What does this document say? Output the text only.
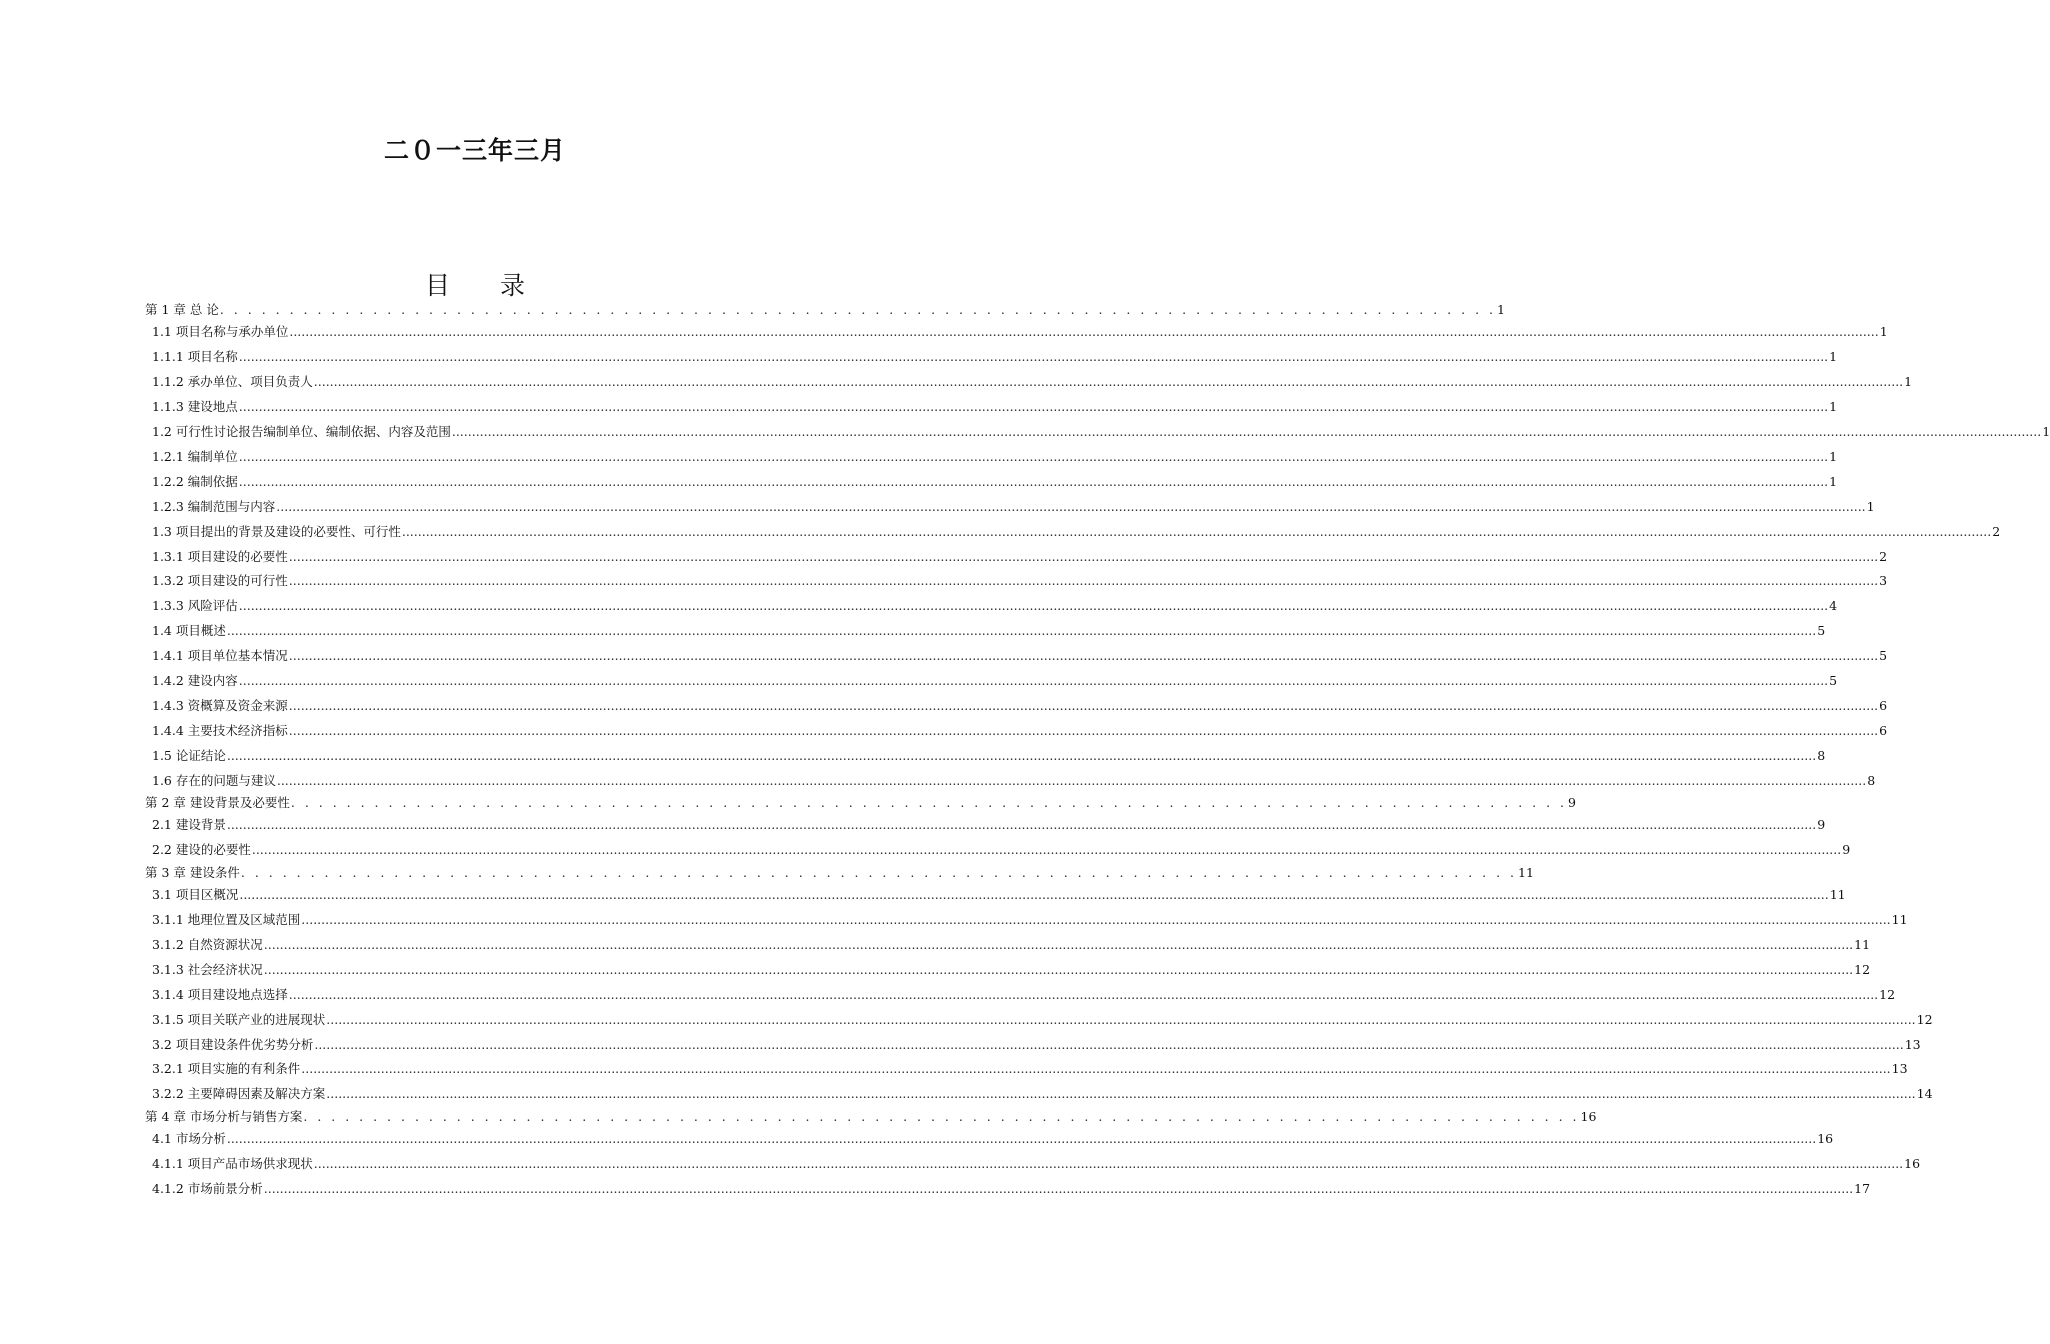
二０一三年三月
目 录
第 1 章 总 论 . . . . . . . . . . . . . . . . . . . . . . . . . . . . . . . . . . . . . . . . . . . . . . . . . . . . . . . . . . . . . . . . . . . . . . . . . . . . . . . . . . . . . . . . . . . . 1
1.1 项目名称与承办单位 ................................................................................................................................................................................................................................................................................................................................................................................................................ 1
1.1.1 项目名称 ................................................................................................................................................................................................................................................................................................................................................................................................................ 1
1.1.2 承办单位、项目负责人 ................................................................................................................................................................................................................................................................................................................................................................................................................ 1
1.1.3 建设地点 ................................................................................................................................................................................................................................................................................................................................................................................................................ 1
1.2 可行性讨论报告编制单位、编制依据、内容及范围 ................................................................................................................................................................................................................................................................................................................................................................................................................ 1
1.2.1 编制单位 ................................................................................................................................................................................................................................................................................................................................................................................................................ 1
1.2.2 编制依据 ................................................................................................................................................................................................................................................................................................................................................................................................................ 1
1.2.3 编制范围与内容 ................................................................................................................................................................................................................................................................................................................................................................................................................ 1
1.3 项目提出的背景及建设的必要性、可行性 ................................................................................................................................................................................................................................................................................................................................................................................................................ 2
1.3.1 项目建设的必要性 ................................................................................................................................................................................................................................................................................................................................................................................................................ 2
1.3.2 项目建设的可行性 ................................................................................................................................................................................................................................................................................................................................................................................................................ 3
1.3.3 风险评估 ................................................................................................................................................................................................................................................................................................................................................................................................................ 4
1.4 项目概述 ................................................................................................................................................................................................................................................................................................................................................................................................................ 5
1.4.1 项目单位基本情况 ................................................................................................................................................................................................................................................................................................................................................................................................................ 5
1.4.2 建设内容 ................................................................................................................................................................................................................................................................................................................................................................................................................ 5
1.4.3 资概算及资金来源 ................................................................................................................................................................................................................................................................................................................................................................................................................ 6
1.4.4 主要技术经济指标 ................................................................................................................................................................................................................................................................................................................................................................................................................ 6
1.5 论证结论 ................................................................................................................................................................................................................................................................................................................................................................................................................ 8
1.6 存在的问题与建议 ................................................................................................................................................................................................................................................................................................................................................................................................................ 8
第 2 章 建设背景及必要性 . . . . . . . . . . . . . . . . . . . . . . . . . . . . . . . . . . . . . . . . . . . . . . . . . . . . . . . . . . . . . . . . . . . . . . . . . . . . . . . . . . . . . . . . . . . . 9
2.1 建设背景 ................................................................................................................................................................................................................................................................................................................................................................................................................ 9
2.2 建设的必要性 ................................................................................................................................................................................................................................................................................................................................................................................................................ 9
第 3 章 建设条件 . . . . . . . . . . . . . . . . . . . . . . . . . . . . . . . . . . . . . . . . . . . . . . . . . . . . . . . . . . . . . . . . . . . . . . . . . . . . . . . . . . . . . . . . . . . . 11
3.1 项目区概况 ................................................................................................................................................................................................................................................................................................................................................................................................................ 11
3.1.1 地理位置及区域范围 ................................................................................................................................................................................................................................................................................................................................................................................................................ 11
3.1.2 自然资源状况 ................................................................................................................................................................................................................................................................................................................................................................................................................ 11
3.1.3 社会经济状况 ................................................................................................................................................................................................................................................................................................................................................................................................................ 12
3.1.4 项目建设地点选择 ................................................................................................................................................................................................................................................................................................................................................................................................................ 12
3.1.5 项目关联产业的进展现状 ................................................................................................................................................................................................................................................................................................................................................................................................................ 12
3.2 项目建设条件优劣势分析 ................................................................................................................................................................................................................................................................................................................................................................................................................ 13
3.2.1 项目实施的有利条件 ................................................................................................................................................................................................................................................................................................................................................................................................................ 13
3.2.2 主要障碍因素及解决方案 ................................................................................................................................................................................................................................................................................................................................................................................................................ 14
第 4 章 市场分析与销售方案 . . . . . . . . . . . . . . . . . . . . . . . . . . . . . . . . . . . . . . . . . . . . . . . . . . . . . . . . . . . . . . . . . . . . . . . . . . . . . . . . . . . . . . . . . . . . 16
4.1 市场分析 ................................................................................................................................................................................................................................................................................................................................................................................................................ 16
4.1.1 项目产品市场供求现状 ................................................................................................................................................................................................................................................................................................................................................................................................................ 16
4.1.2 市场前景分析 ................................................................................................................................................................................................................................................................................................................................................................................................................ 17
